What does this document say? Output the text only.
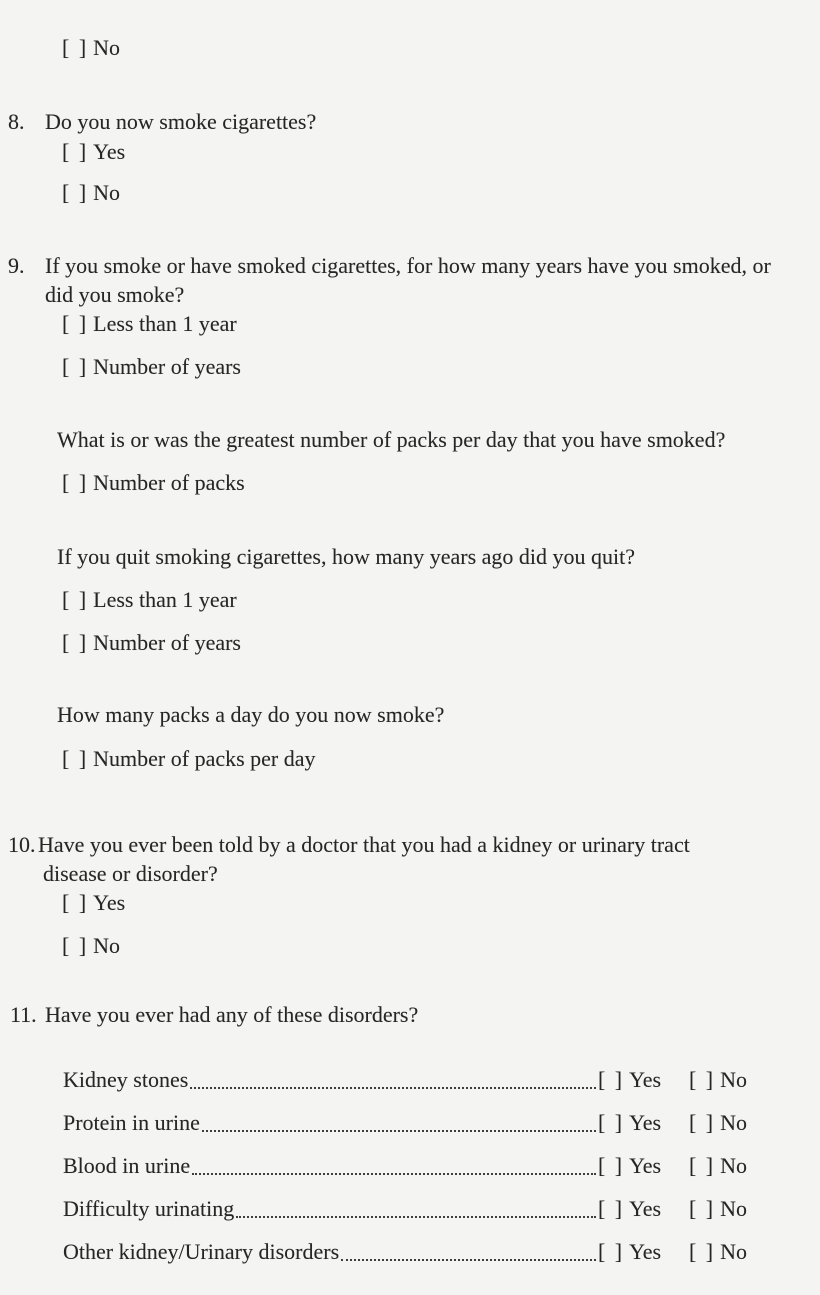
[ ] No
8. Do you now smoke cigarettes?
[ ] Yes
[ ] No
9. If you smoke or have smoked cigarettes, for how many years have you smoked, or
did you smoke?
[ ] Less than 1 year
[ ] Number of years
What is or was the greatest number of packs per day that you have smoked?
[ ] Number of packs
If you quit smoking cigarettes, how many years ago did you quit?
[ ] Less than 1 year
[ ] Number of years
How many packs a day do you now smoke?
[ ] Number of packs per day
10. Have you ever been told by a doctor that you had a kidney or urinary tract
disease or disorder?
[ ] Yes
[ ] No
11. Have you ever had any of these disorders?
Kidney stones	[ ] Yes	[ ] No
Protein in urine	[ ] Yes	[ ] No
Blood in urine	[ ] Yes	[ ] No
Difficulty urinating	[ ] Yes	[ ] No
Other kidney/Urinary disorders	[ ] Yes	[ ] No
